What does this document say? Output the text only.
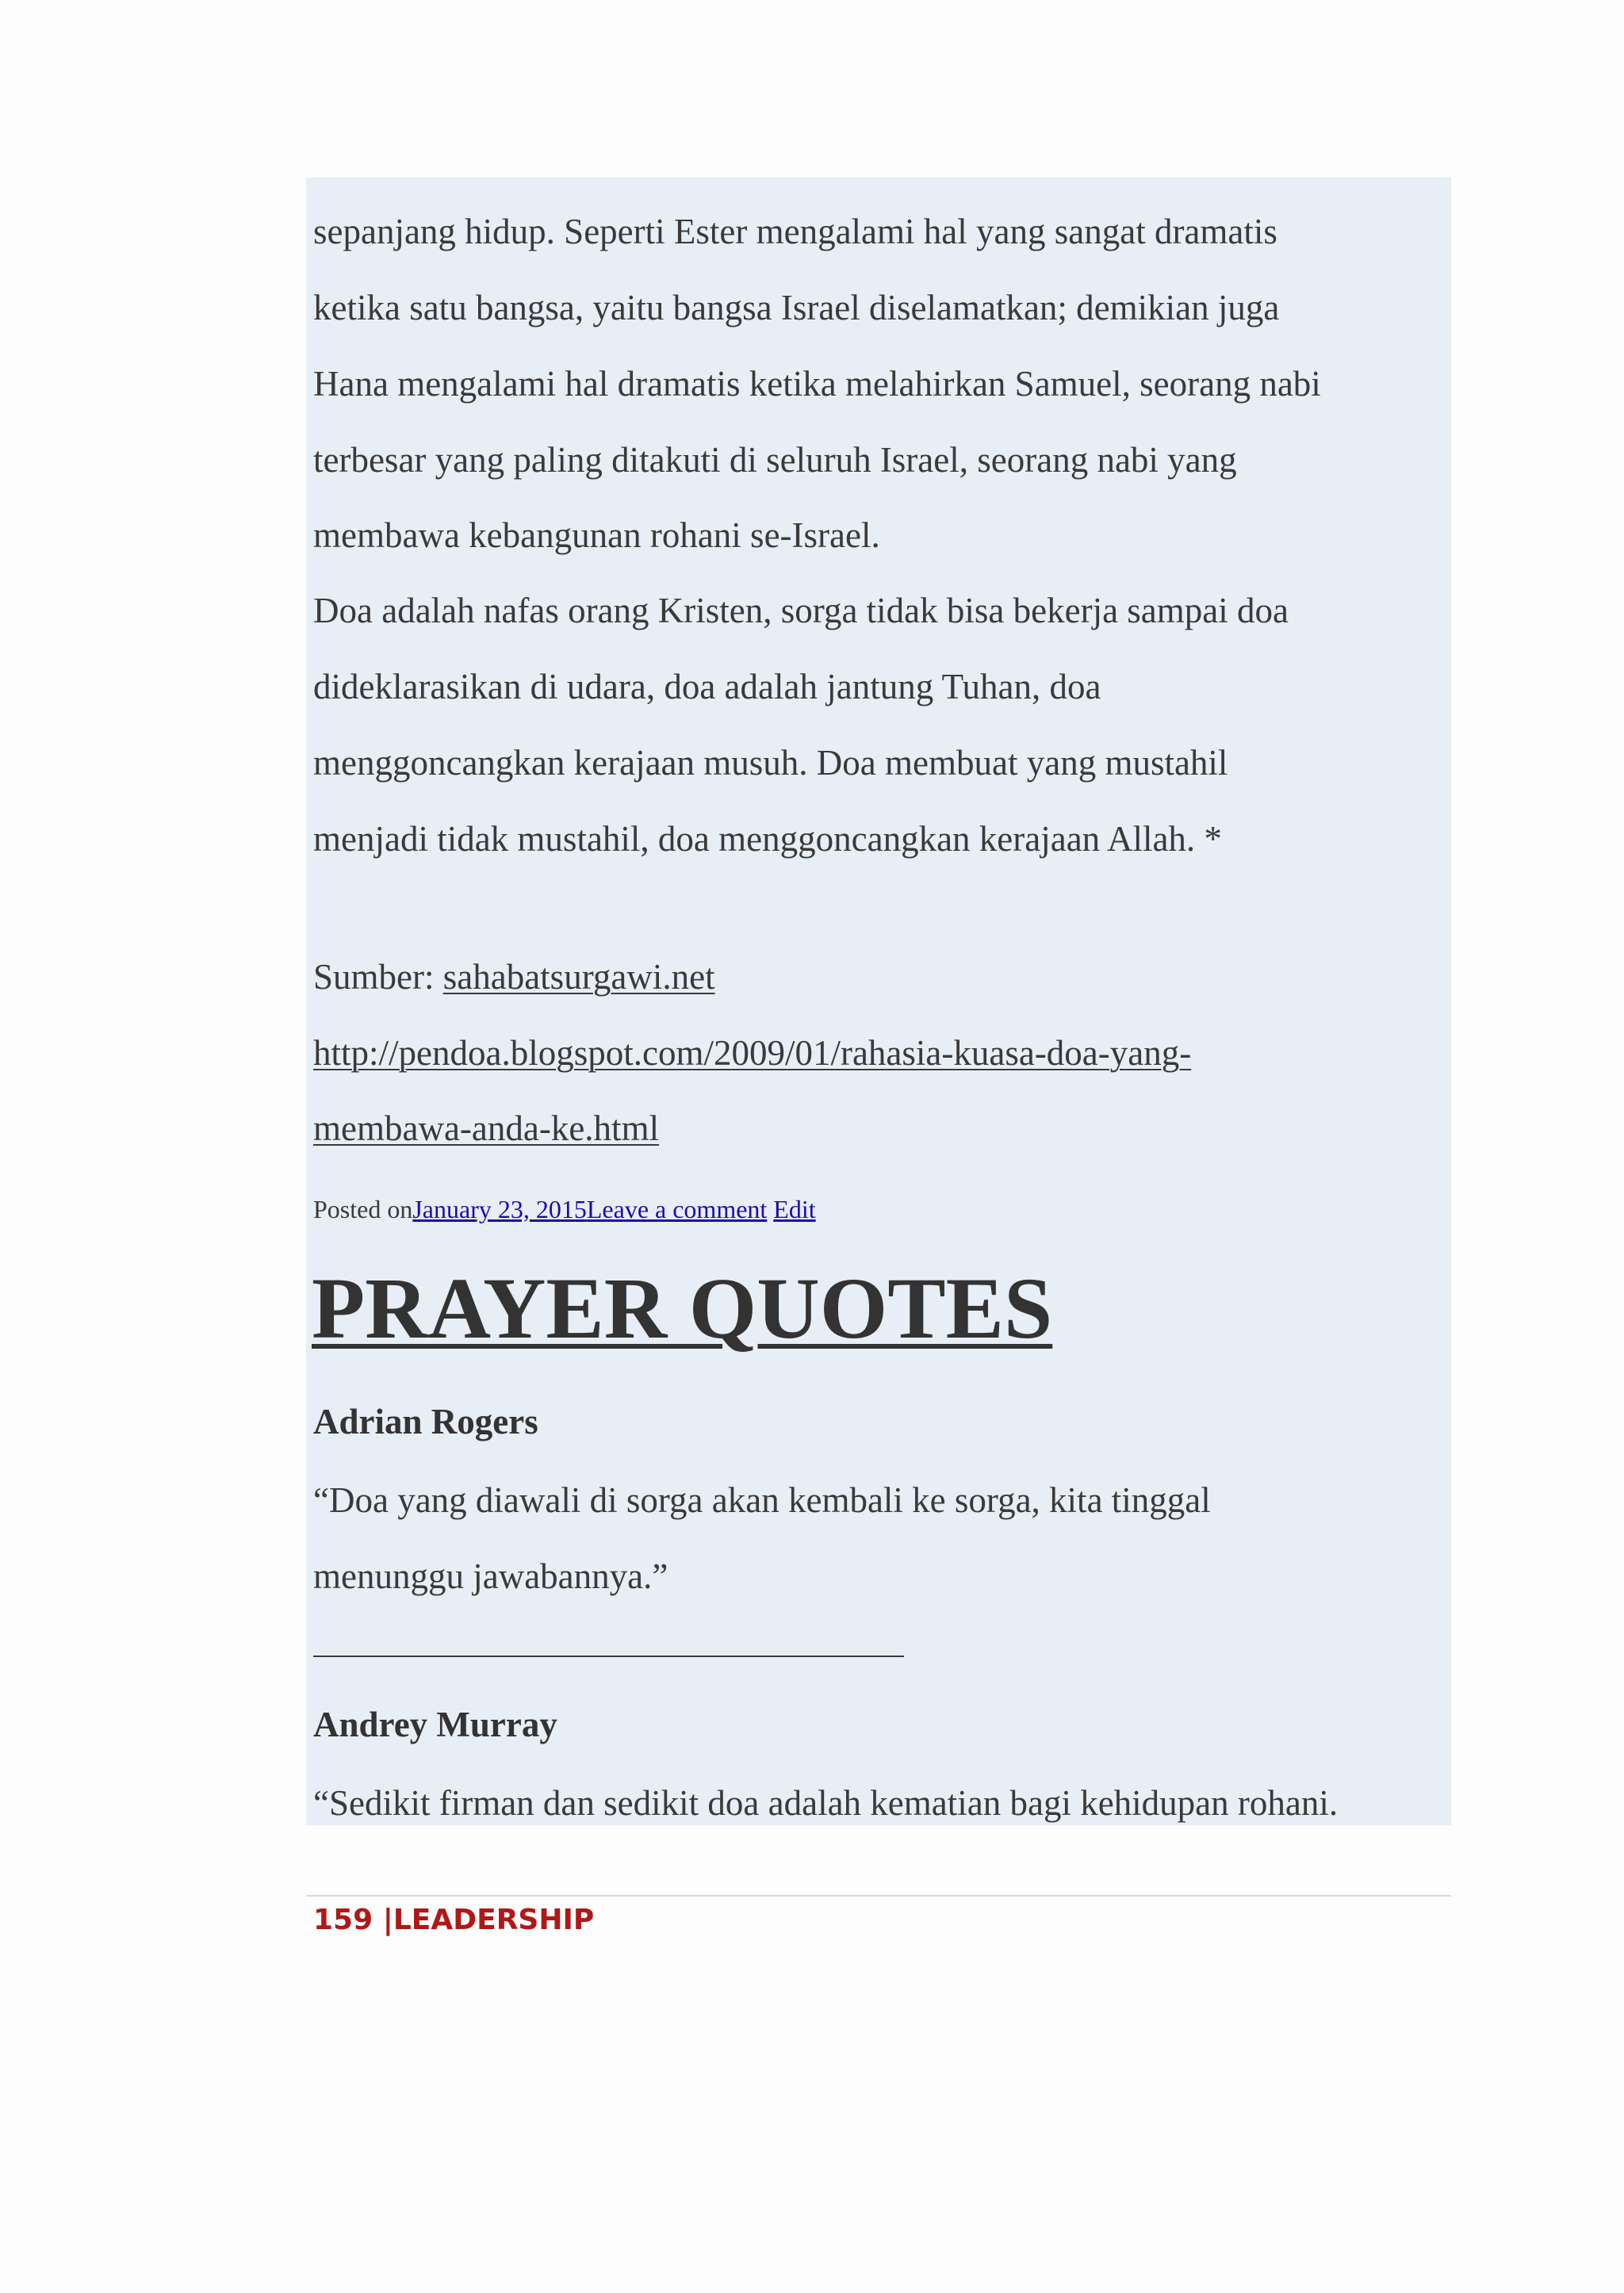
sepanjang hidup. Seperti Ester mengalami hal yang sangat dramatis
ketika satu bangsa, yaitu bangsa Israel diselamatkan; demikian juga
Hana mengalami hal dramatis ketika melahirkan Samuel, seorang nabi
terbesar yang paling ditakuti di seluruh Israel, seorang nabi yang
membawa kebangunan rohani se-Israel.
Doa adalah nafas orang Kristen, sorga tidak bisa bekerja sampai doa
dideklarasikan di udara, doa adalah jantung Tuhan, doa
menggoncangkan kerajaan musuh. Doa membuat yang mustahil
menjadi tidak mustahil, doa menggoncangkan kerajaan Allah. *
Sumber: sahabatsurgawi.net
http://pendoa.blogspot.com/2009/01/rahasia-kuasa-doa-yang-
membawa-anda-ke.html
Posted onJanuary 23, 2015Leave a comment Edit
PRAYER QUOTES
Adrian Rogers
“Doa yang diawali di sorga akan kembali ke sorga, kita tinggal
menunggu jawabannya.”
Andrey Murray
“Sedikit firman dan sedikit doa adalah kematian bagi kehidupan rohani.
159 |LEADERSHIP
